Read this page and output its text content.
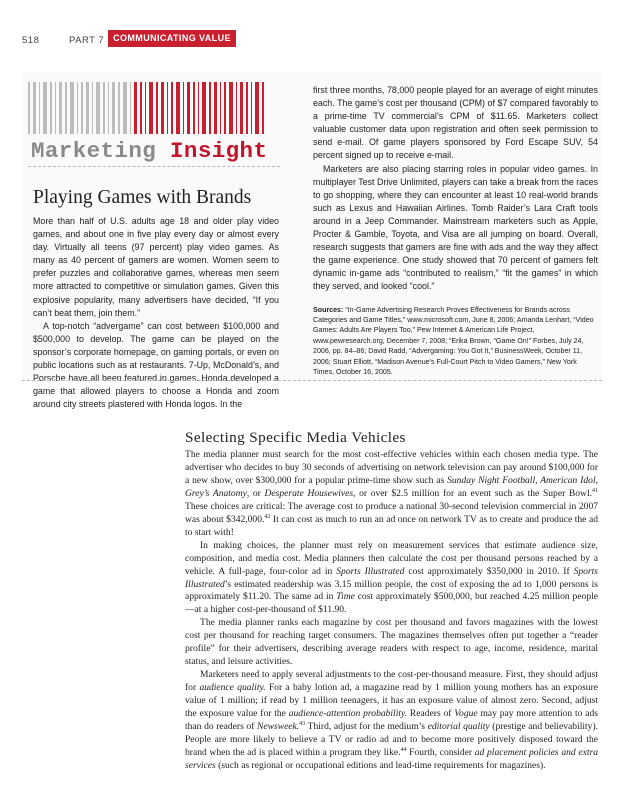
518	PART 7 COMMUNICATING VALUE
Marketing Insight
Playing Games with Brands

More than half of U.S. adults age 18 and older play video games, and about one in five play every day or almost every day. Virtually all teens (97 percent) play video games. As many as 40 percent of gamers are women. Women seem to prefer puzzles and collaborative games, whereas men seem more attracted to competitive or simulation games. Given this explosive popularity, many advertisers have decided, “If you can’t beat them, join them.”

A top-notch “advergame” can cost between $100,000 and $500,000 to develop. The game can be played on the sponsor’s corporate homepage, on gaming portals, or even on public locations such as at restaurants. 7-Up, McDonald’s, and Porsche have all been featured in games. Honda developed a game that allowed players to choose a Honda and zoom around city streets plastered with Honda logos. In the

first three months, 78,000 people played for an average of eight minutes each. The game’s cost per thousand (CPM) of $7 compared favorably to a prime-time TV commercial’s CPM of $11.65. Marketers collect valuable customer data upon registration and often seek permission to send e-mail. Of game players sponsored by Ford Escape SUV, 54 percent signed up to receive e-mail.

Marketers are also placing starring roles in popular video games. In multiplayer Test Drive Unlimited, players can take a break from the races to go shopping, where they can encounter at least 10 real-world brands such as Lexus and Hawaiian Airlines. Tomb Raider’s Lara Craft tools around in a Jeep Commander. Mainstream marketers such as Apple, Procter & Gamble, Toyota, and Visa are all jumping on board. Overall, research suggests that gamers are fine with ads and the way they affect the game experience. One study showed that 70 percent of gamers felt dynamic in-game ads “contributed to realism,” “fit the games” in which they served, and looked “cool.”

Sources: “In-Game Advertising Research Proves Effectiveness for Brands across Categories and Game Titles,” www.microsoft.com, June 8, 2006; Amanda Lenhart, “Video Games: Adults Are Players Too,” Pew Internet & American Life Project, www.pewresearch.org, December 7, 2008; “Erika Brown, “Game On!” Forbes, July 24, 2006, pp. 84–86; David Radd, “Advergaming: You Got It,” BusinessWeek, October 11, 2006; Stuart Elliott, “Madison Avenue’s Full-Court Pitch to Video Gamers,” New York Times, October 16, 2005.

Selecting Specific Media Vehicles

The media planner must search for the most cost-effective vehicles within each chosen media type. The advertiser who decides to buy 30 seconds of advertising on network television can pay around $100,000 for a new show, over $300,000 for a popular prime-time show such as Sunday Night Football, American Idol, Grey’s Anatomy, or Desperate Housewives, or over $2.5 million for an event such as the Super Bowl.$^{41}$ These choices are critical: The average cost to produce a national 30-second television commercial in 2007 was about $342,000.42 It can cost as much to run an ad once on network TV as to create and produce the ad to start with!

In making choices, the planner must rely on measurement services that estimate audience size, composition, and media cost. Media planners then calculate the cost per thousand persons reached by a vehicle. A full-page, four-color ad in Sports Illustrated cost approximately $350,000 in 2010. If Sports Illustrated’s estimated readership was 3.15 million people, the cost of exposing the ad to 1,000 persons is approximately $11.20. The same ad in Time cost approximately $500,000, but reached 4.25 million people—at a higher cost-per-thousand of $11.90.

The media planner ranks each magazine by cost per thousand and favors magazines with the lowest cost per thousand for reaching target consumers. The magazines themselves often put together a “reader profile” for their advertisers, describing average readers with respect to age, income, residence, marital status, and leisure activities.

Marketers need to apply several adjustments to the cost-per-thousand measure. First, they should adjust for audience quality. For a baby lotion ad, a magazine read by 1 million young mothers has an exposure value of 1 million; if read by 1 million teenagers, it has an exposure value of almost zero. Second, adjust the exposure value for the audience-attention probability. Readers of Vogue may pay more attention to ads than do readers of Newsweek.$^{43}$ Third, adjust for the medium’s editorial quality (prestige and believability). People are more likely to believe a TV or radio ad and to become more positively disposed toward the brand when the ad is placed within a program they like.$^{44}$ Fourth, consider ad placement policies and extra services (such as regional or occupational editions and lead-time requirements for magazines).
